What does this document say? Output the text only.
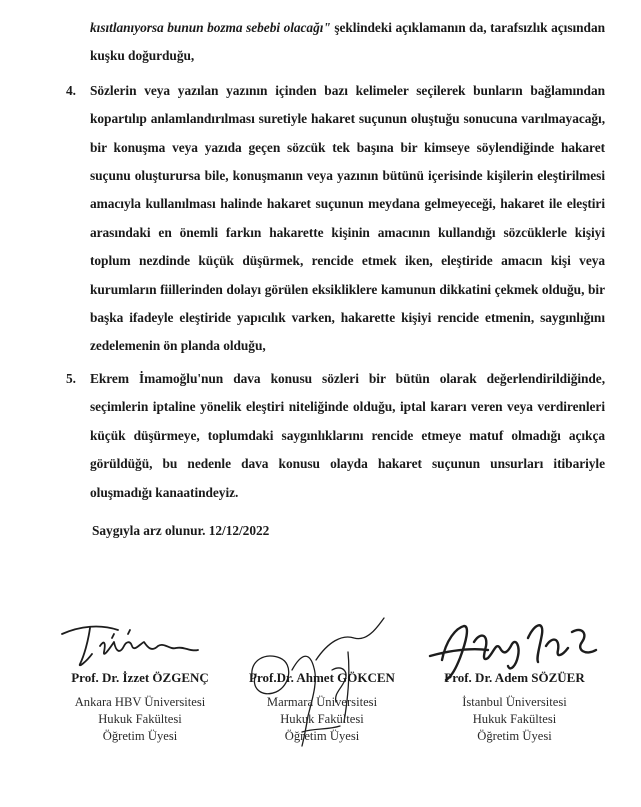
kısıtlanıyorsa bunun bozma sebebi olacağı" şeklindeki açıklamanın da, tarafsızlık açısından kuşku doğurduğu,

4. Sözlerin veya yazılan yazının içinden bazı kelimeler seçilerek bunların bağlamından kopartılıp anlamlandırılması suretiyle hakaret suçunun oluştuğu sonucuna varılmayacağı, bir konuşma veya yazıda geçen sözcük tek başına bir kimseye söylendiğinde hakaret suçunu oluşturursa bile, konuşmanın veya yazının bütünü içerisinde kişilerin eleştirilmesi amacıyla kullanılması halinde hakaret suçunun meydana gelmeyeceği, hakaret ile eleştiri arasındaki en önemli farkın hakarette kişinin amacının kullandığı sözcüklerle kişiyi toplum nezdinde küçük düşürmek, rencide etmek iken, eleştiride amacın kişi veya kurumların fiillerinden dolayı görülen eksikliklere kamunun dikkatini çekmek olduğu, bir başka ifadeyle eleştiride yapıcılık varken, hakarette kişiyi rencide etmenin, saygınlığını zedelemenin ön planda olduğu,

5. Ekrem İmamoğlu'nun dava konusu sözleri bir bütün olarak değerlendirildiğinde, seçimlerin iptaline yönelik eleştiri niteliğinde olduğu, iptal kararı veren veya verdirenleri küçük düşürmeye, toplumdaki saygınlıklarını rencide etmeye matuf olmadığı açıkça görüldüğü, bu nedenle dava konusu olayda hakaret suçunun unsurları itibariyle oluşmadığı kanaatindeyiz.

Saygıyla arz olunur. 12/12/2022

Prof. Dr. İzzet ÖZGENÇ
Ankara HBV Üniversitesi
Hukuk Fakültesi
Öğretim Üyesi
Prof.Dr. Ahmet GÖKCEN
Marmara Üniversitesi
Hukuk Fakültesi
Öğretim Üyesi
Prof. Dr. Adem SÖZÜER
İstanbul Üniversitesi
Hukuk Fakültesi
Öğretim Üyesi
